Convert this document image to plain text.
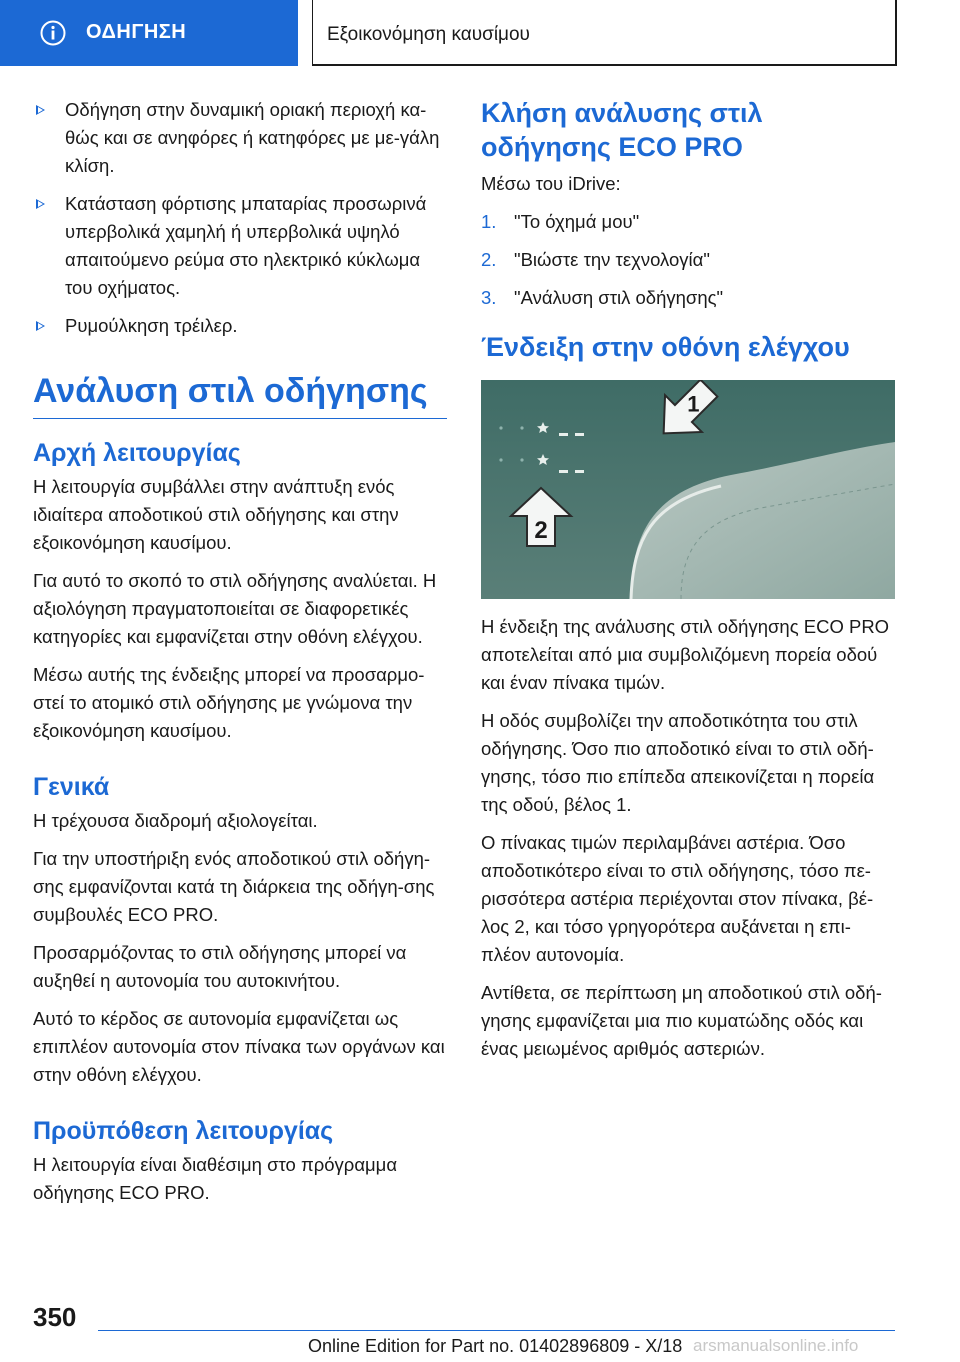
ΟΔΗΓΗΣΗ	Εξοικονόμηση καυσίμου
Οδήγηση στην δυναμική οριακή περιοχή κα-θώς και σε ανηφόρες ή κατηφόρες με με-γάλη κλίση.
Κατάσταση φόρτισης μπαταρίας προσωρινά υπερβολικά χαμηλή ή υπερβολικά υψηλό απαιτούμενο ρεύμα στο ηλεκτρικό κύκλωμα του οχήματος.
Ρυμούλκηση τρέιλερ.
Ανάλυση στιλ οδήγησης
Αρχή λειτουργίας

Η λειτουργία συμβάλλει στην ανάπτυξη ενός ιδιαίτερα αποδοτικού στιλ οδήγησης και στην εξοικονόμηση καυσίμου.

Για αυτό το σκοπό το στιλ οδήγησης αναλύεται. Η αξιολόγηση πραγματοποιείται σε διαφορετικές κατηγορίες και εμφανίζεται στην οθόνη ελέγχου.

Μέσω αυτής της ένδειξης μπορεί να προσαρμο-στεί το ατομικό στιλ οδήγησης με γνώμονα την εξοικονόμηση καυσίμου.

Γενικά

Η τρέχουσα διαδρομή αξιολογείται.

Για την υποστήριξη ενός αποδοτικού στιλ οδήγη-σης εμφανίζονται κατά τη διάρκεια της οδήγη-σης συμβουλές ECO PRO.

Προσαρμόζοντας το στιλ οδήγησης μπορεί να αυξηθεί η αυτονομία του αυτοκινήτου.

Αυτό το κέρδος σε αυτονομία εμφανίζεται ως επιπλέον αυτονομία στον πίνακα των οργάνων και στην οθόνη ελέγχου.

Προϋπόθεση λειτουργίας

Η λειτουργία είναι διαθέσιμη στο πρόγραμμα οδήγησης ECO PRO.

Κλήση ανάλυσης στιλ οδήγησης ECO PRO

Μέσω του iDrive:

1. "Το όχημά μου"
2. "Βιώστε την τεχνολογία"
3. "Ανάλυση στιλ οδήγησης"
Ένδειξη στην οθόνη ελέγχου
2
1

Η ένδειξη της ανάλυσης στιλ οδήγησης ECO PRO αποτελείται από μια συμβολιζόμενη πορεία οδού και έναν πίνακα τιμών.

Η οδός συμβολίζει την αποδοτικότητα του στιλ οδήγησης. Όσο πιο αποδοτικό είναι το στιλ οδή-γησης, τόσο πιο επίπεδα απεικονίζεται η πορεία της οδού, βέλος 1.

Ο πίνακας τιμών περιλαμβάνει αστέρια. Όσο αποδοτικότερο είναι το στιλ οδήγησης, τόσο πε-ρισσότερα αστέρια περιέχονται στον πίνακα, βέ-λος 2, και τόσο γρηγορότερα αυξάνεται η επι-πλέον αυτονομία.

Αντίθετα, σε περίπτωση μη αποδοτικού στιλ οδή-γησης εμφανίζεται μια πιο κυματώδης οδός και ένας μειωμένος αριθμός αστεριών.

350
Online Edition for Part no. 01402896809 - X/18 arsmanualsonline.info
